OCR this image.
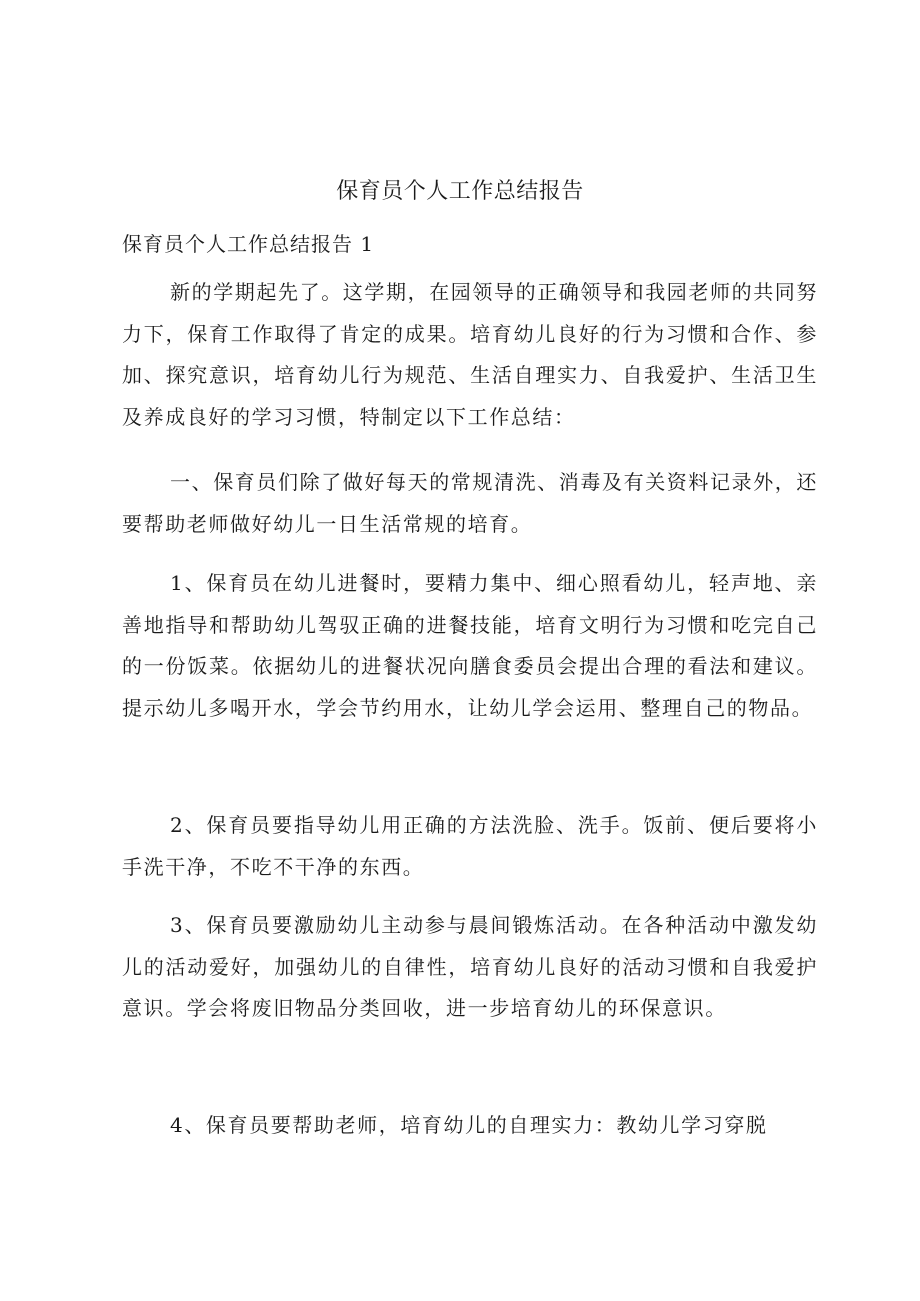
保育员个人工作总结报告
保育员个人工作总结报告 1

新的学期起先了。这学期，在园领导的正确领导和我园老师的共同努力下，保育工作取得了肯定的成果。培育幼儿良好的行为习惯和合作、参加、探究意识，培育幼儿行为规范、生活自理实力、自我爱护、生活卫生及养成良好的学习习惯，特制定以下工作总结：

一、保育员们除了做好每天的常规清洗、消毒及有关资料记录外，还要帮助老师做好幼儿一日生活常规的培育。

1、保育员在幼儿进餐时，要精力集中、细心照看幼儿，轻声地、亲善地指导和帮助幼儿驾驭正确的进餐技能，培育文明行为习惯和吃完自己的一份饭菜。依据幼儿的进餐状况向膳食委员会提出合理的看法和建议。提示幼儿多喝开水，学会节约用水，让幼儿学会运用、整理自己的物品。

2、保育员要指导幼儿用正确的方法洗脸、洗手。饭前、便后要将小手洗干净，不吃不干净的东西。

3、保育员要激励幼儿主动参与晨间锻炼活动。在各种活动中激发幼儿的活动爱好，加强幼儿的自律性，培育幼儿良好的活动习惯和自我爱护意识。学会将废旧物品分类回收，进一步培育幼儿的环保意识。

4、保育员要帮助老师，培育幼儿的自理实力：教幼儿学习穿脱
